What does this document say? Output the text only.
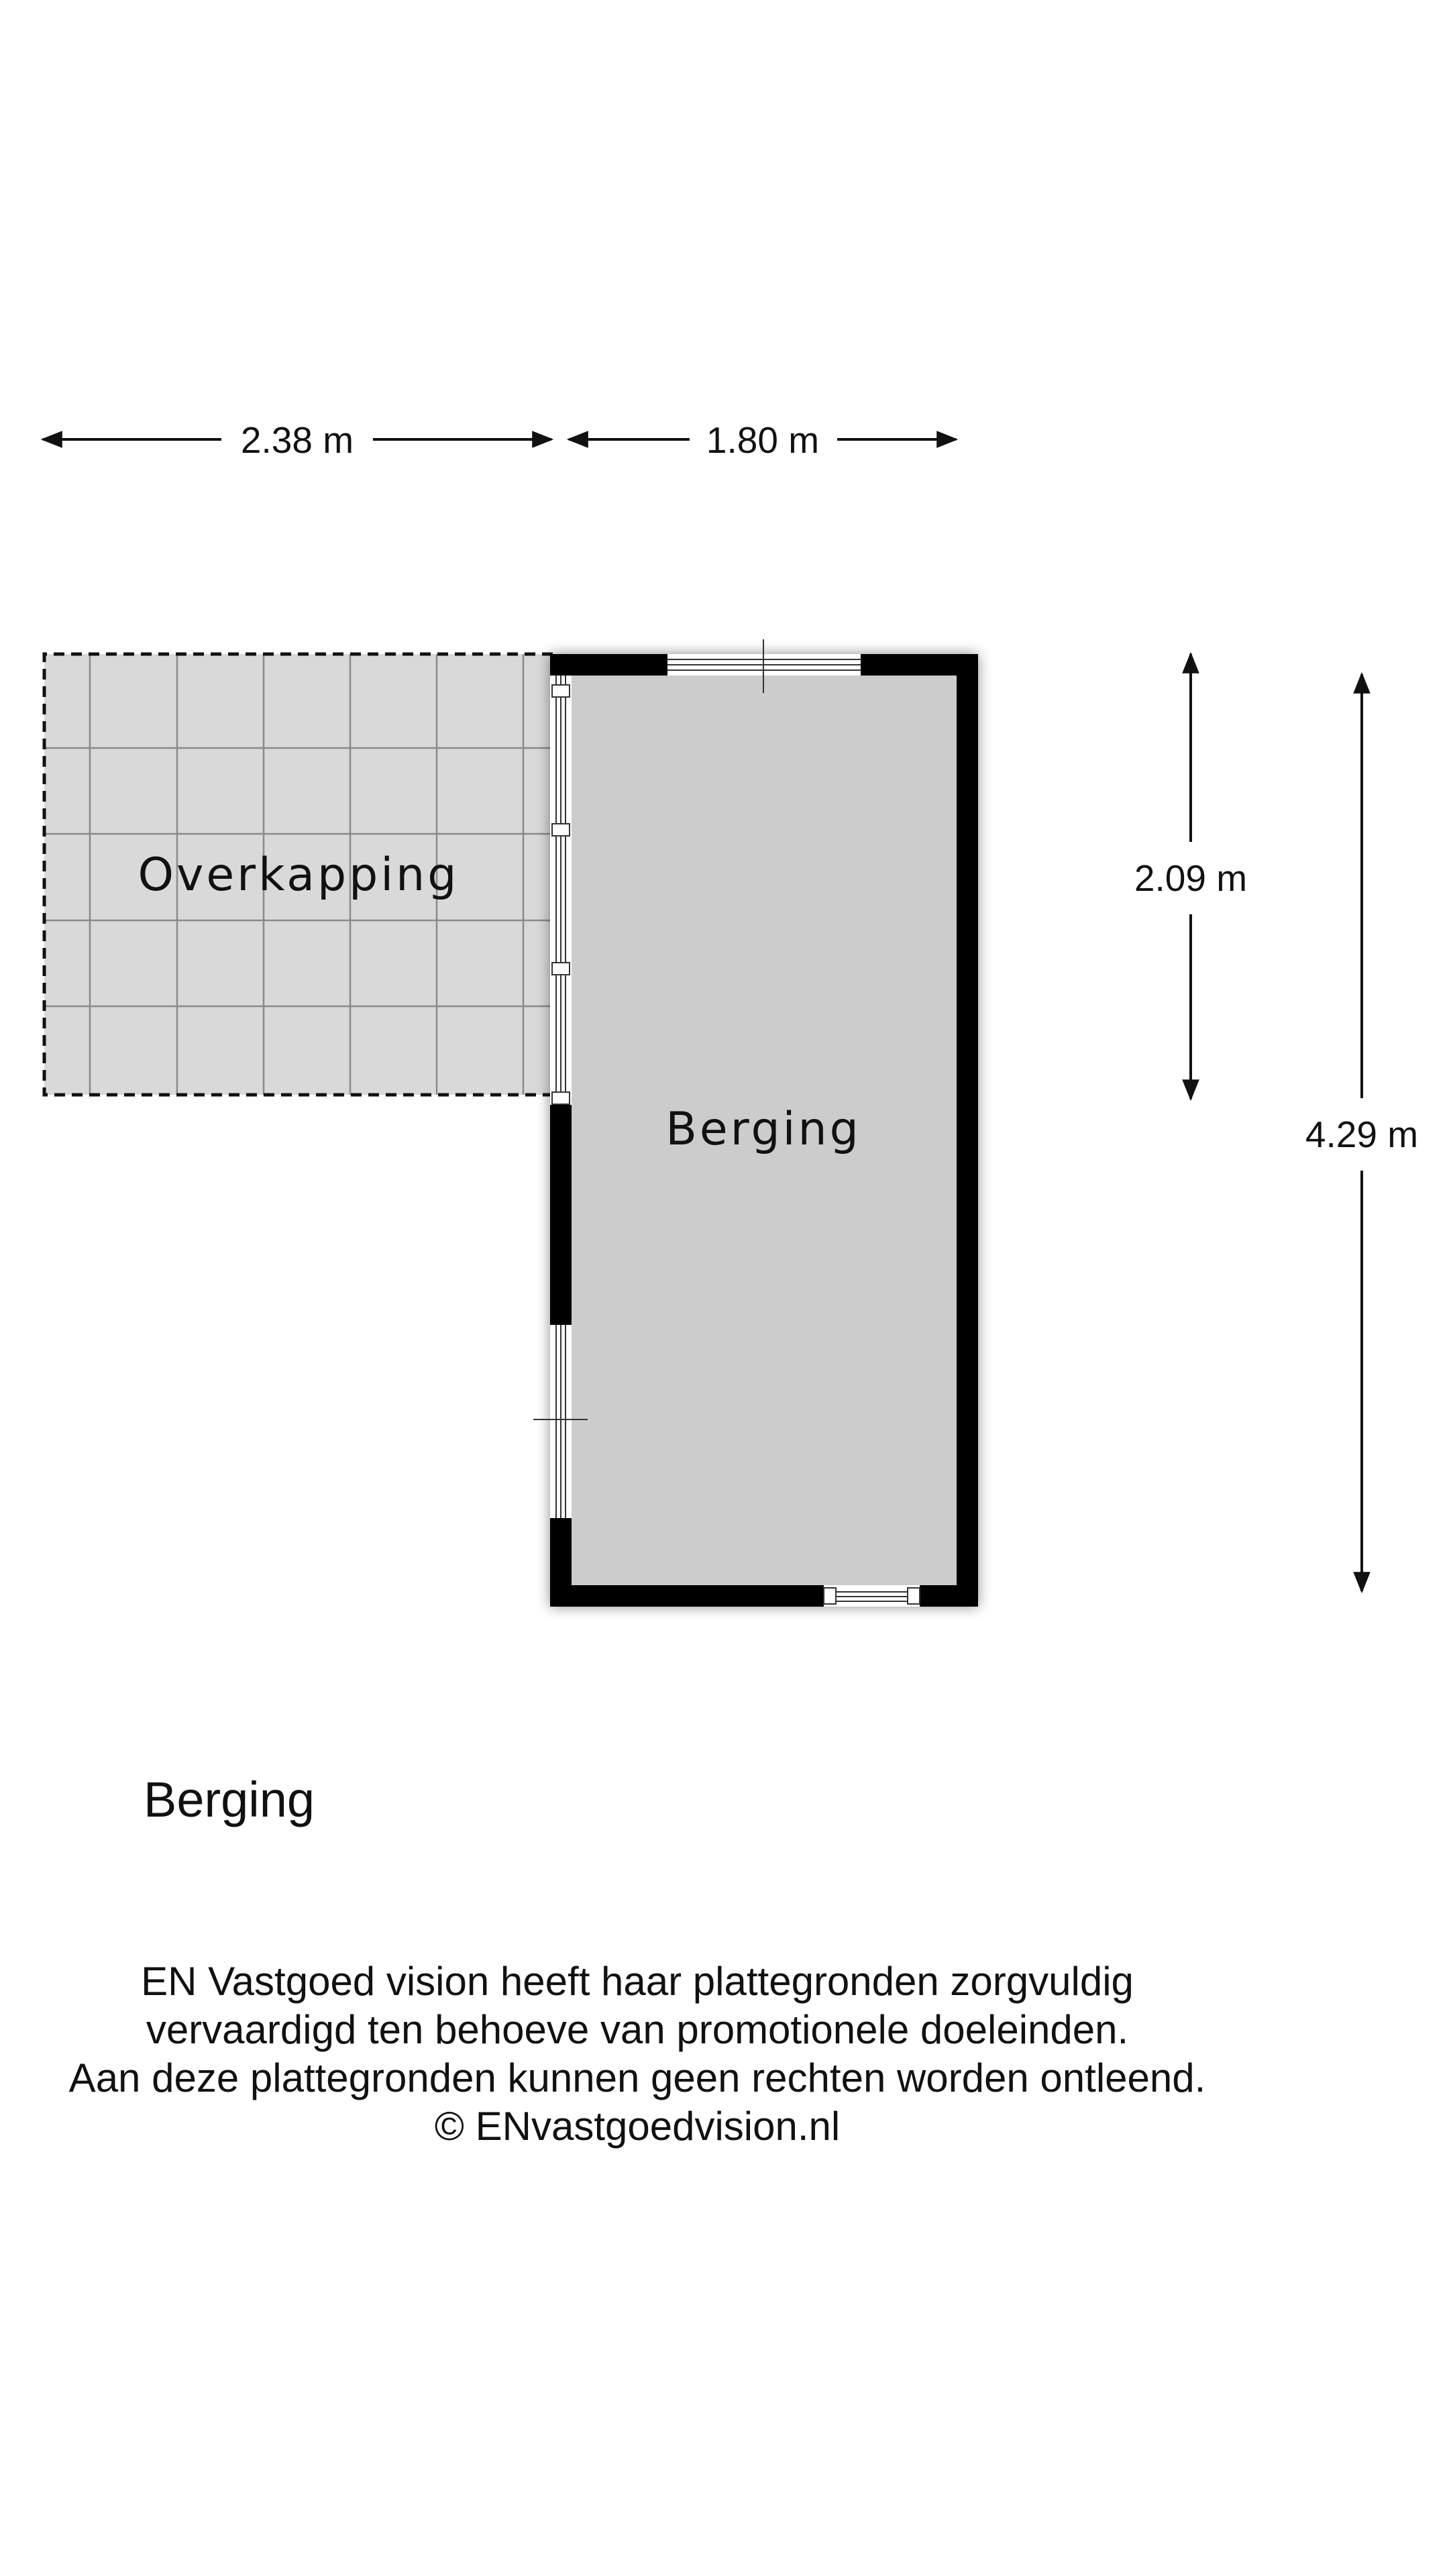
2.38 m	1.80 m
Overkapping
Berging
2.09 m
4.29 m
Berging
EN Vastgoed vision heeft haar plattegronden zorgvuldig
vervaardigd ten behoeve van promotionele doeleinden.
Aan deze plattegronden kunnen geen rechten worden ontleend.
© ENvastgoedvision.nl
